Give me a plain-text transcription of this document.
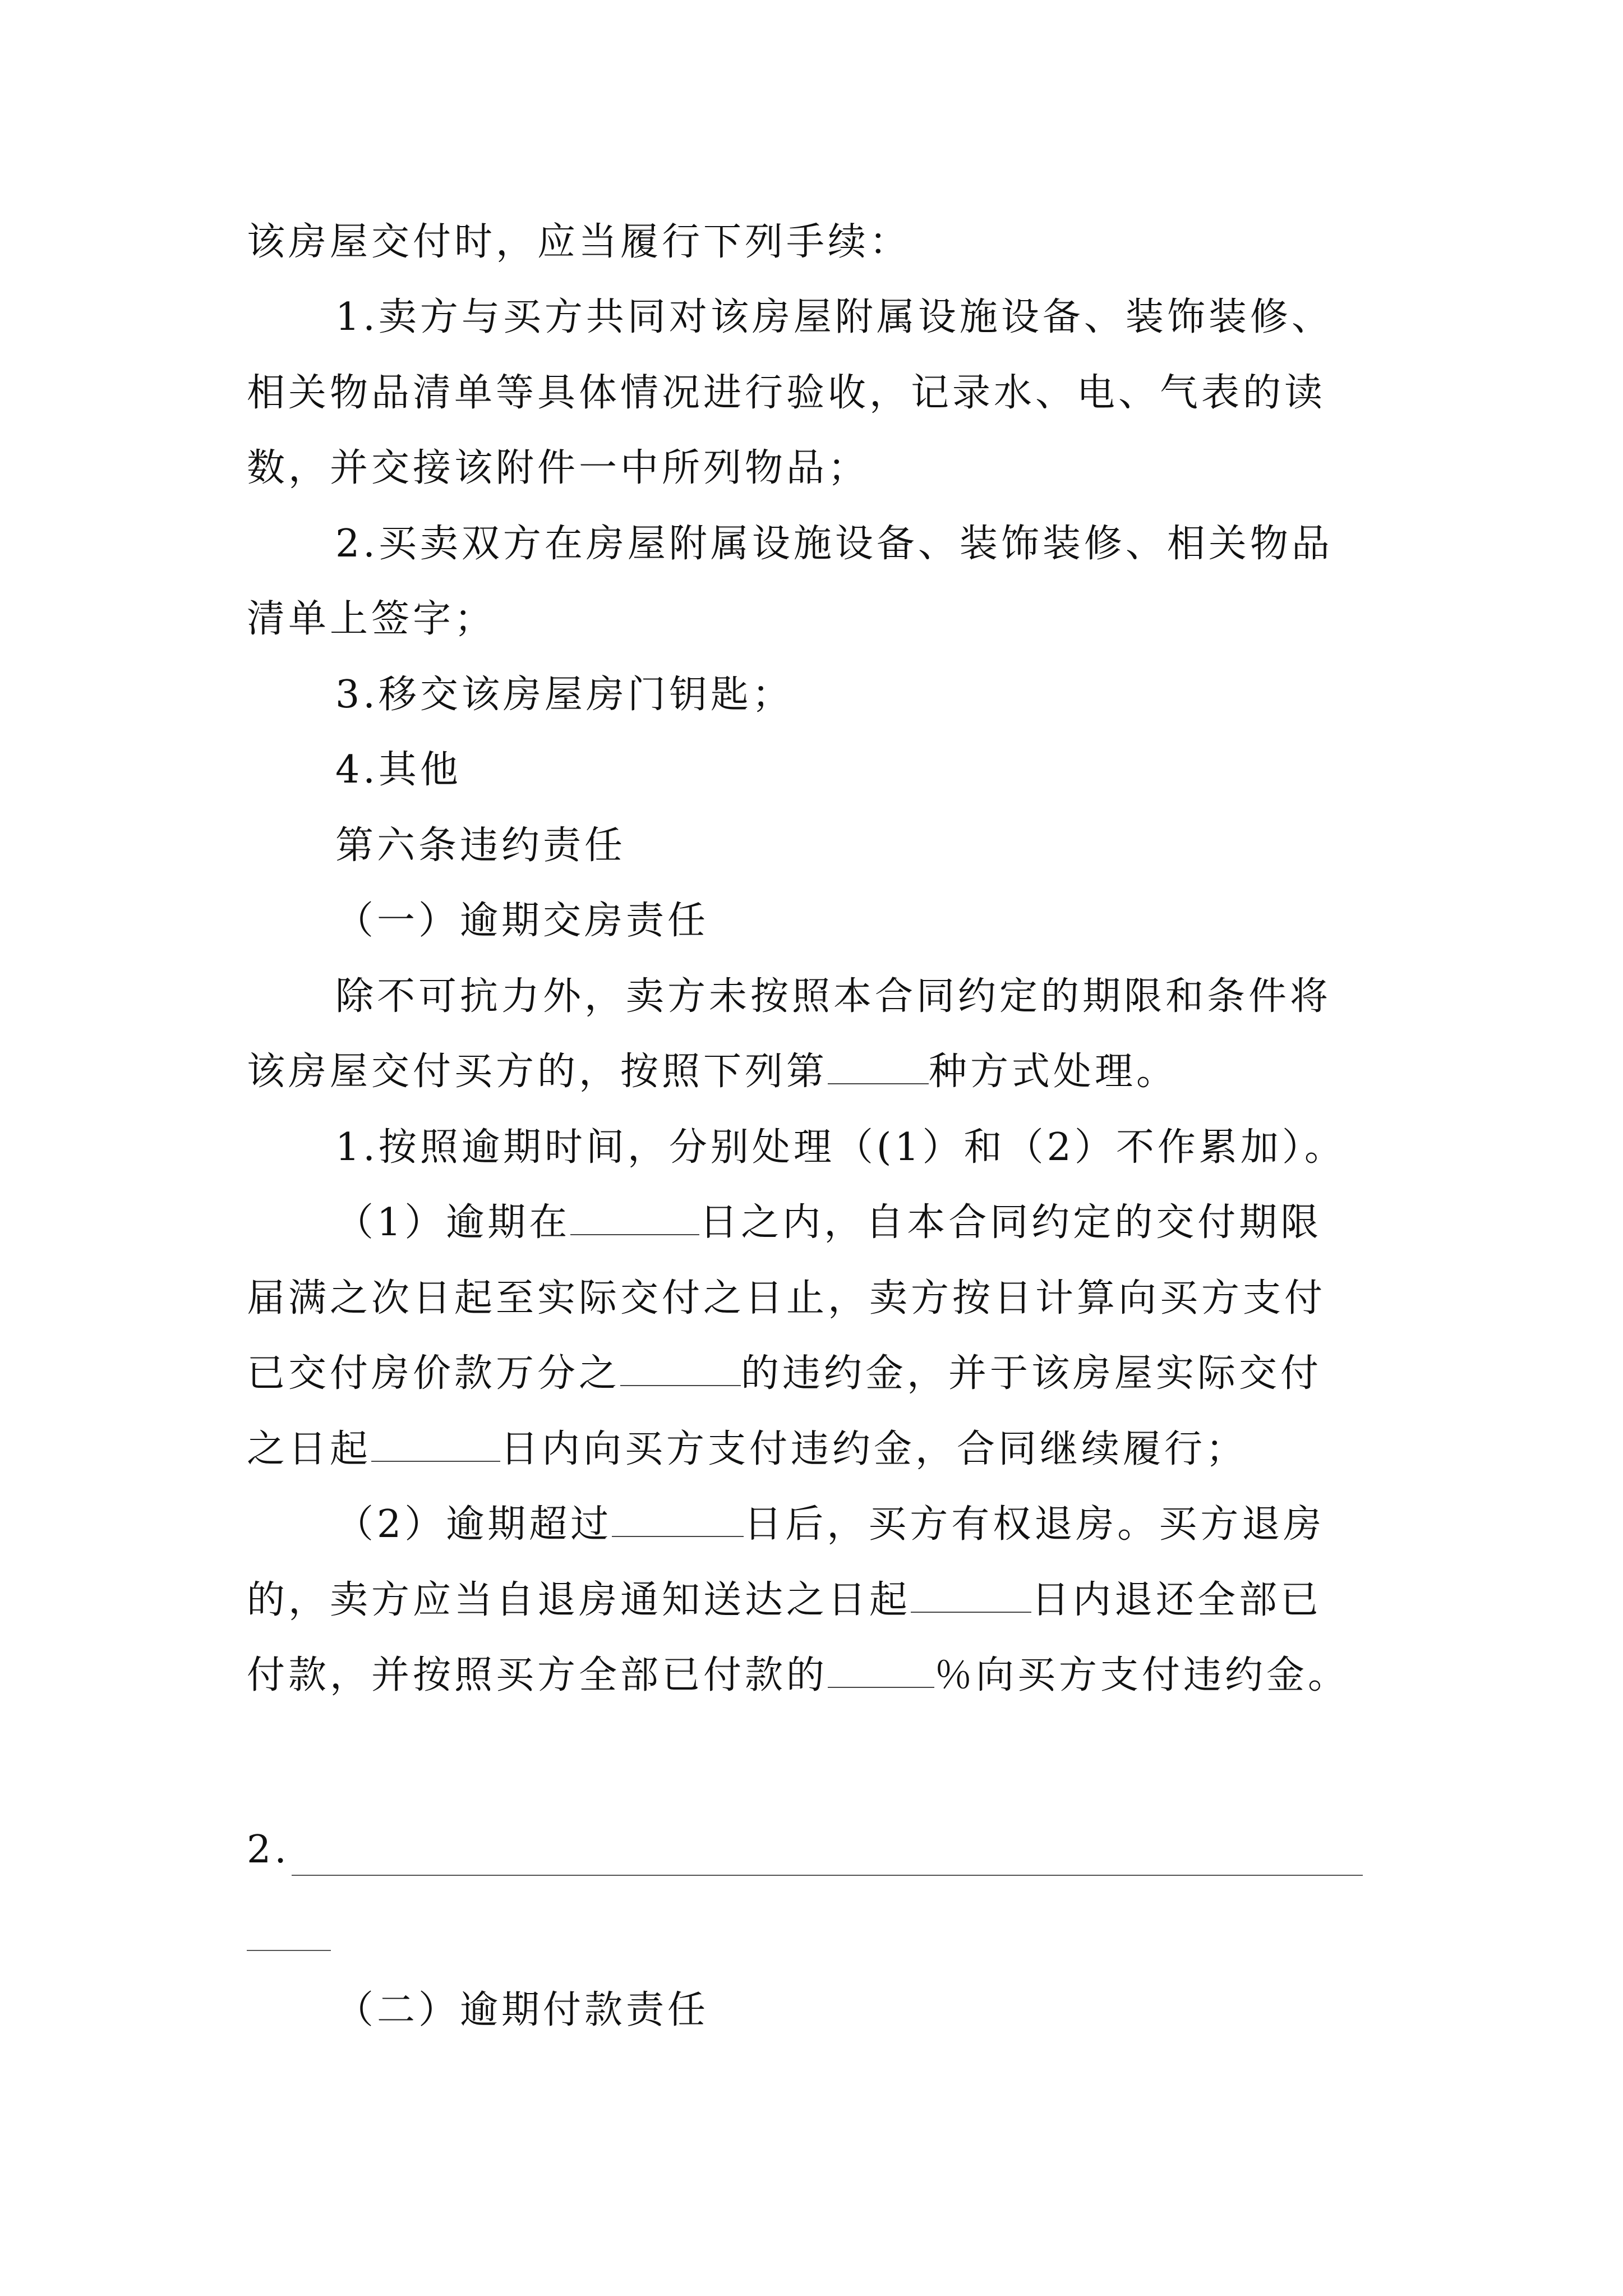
该房屋交付时，应当履行下列手续：
1.卖方与买方共同对该房屋附属设施设备、装饰装修、
相关物品清单等具体情况进行验收，记录水、电、气表的读
数，并交接该附件一中所列物品；
2.买卖双方在房屋附属设施设备、装饰装修、相关物品
清单上签字；
3.移交该房屋房门钥匙；
4.其他
第六条违约责任
（一）逾期交房责任
除不可抗力外，卖方未按照本合同约定的期限和条件将
该房屋交付买方的，按照下列第	种方式处理。
1.按照逾期时间，分别处理（(1）和（2）不作累加）。
（1）逾期在	日之内，自本合同约定的交付期限
届满之次日起至实际交付之日止，卖方按日计算向买方支付
已交付房价款万分之	的违约金，并于该房屋实际交付
之日起	日内向买方支付违约金，合同继续履行；
（2）逾期超过	日后，买方有权退房。买方退房
的，卖方应当自退房通知送达之日起	日内退还全部已
付款，并按照买方全部已付款的	％向买方支付违约金。
2.
（二）逾期付款责任
